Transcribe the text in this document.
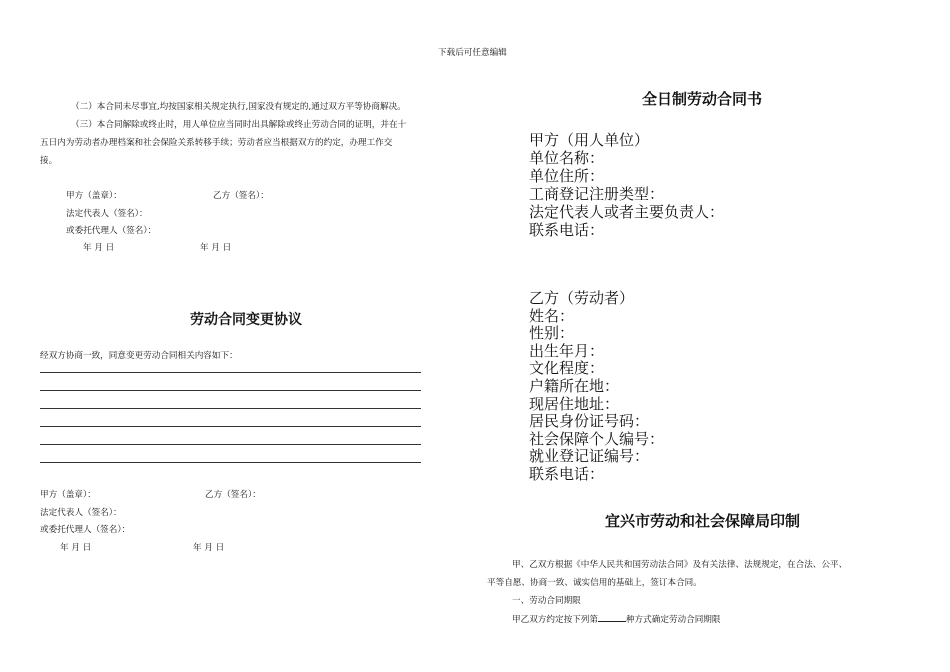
下载后可任意编辑
（二）本合同未尽事宜,均按国家相关规定执行,国家没有规定的,通过双方平等协商解决。
（三）本合同解除或终止时，用人单位应当同时出具解除或终止劳动合同的证明，并在十
五日内为劳动者办理档案和社会保险关系转移手续；劳动者应当根据双方的约定，办理工作交
接。
甲方（盖章）：	乙方（签名）：
法定代表人（签名）：
或委托代理人（签名）：
年 月 日	年 月 日
劳动合同变更协议
经双方协商一致，同意变更劳动合同相关内容如下：
甲方（盖章）：	乙方（签名）：
法定代表人（签名）：
或委托代理人（签名）：
年 月 日	年 月 日
全日制劳动合同书
甲方（用人单位）
单位名称：
单位住所：
工商登记注册类型：
法定代表人或者主要负责人：
联系电话：
乙方（劳动者）
姓名：
性别：
出生年月：
文化程度：
户籍所在地：
现居住地址：
居民身份证号码：
社会保障个人编号：
就业登记证编号：
联系电话：
宜兴市劳动和社会保障局印制
甲、乙双方根据《中华人民共和国劳动法合同》及有关法律、法规规定，在合法、公平、
平等自愿、协商一致、诚实信用的基础上，签订本合同。
一、劳动合同期限
甲乙双方约定按下列第	种方式确定劳动合同期限
